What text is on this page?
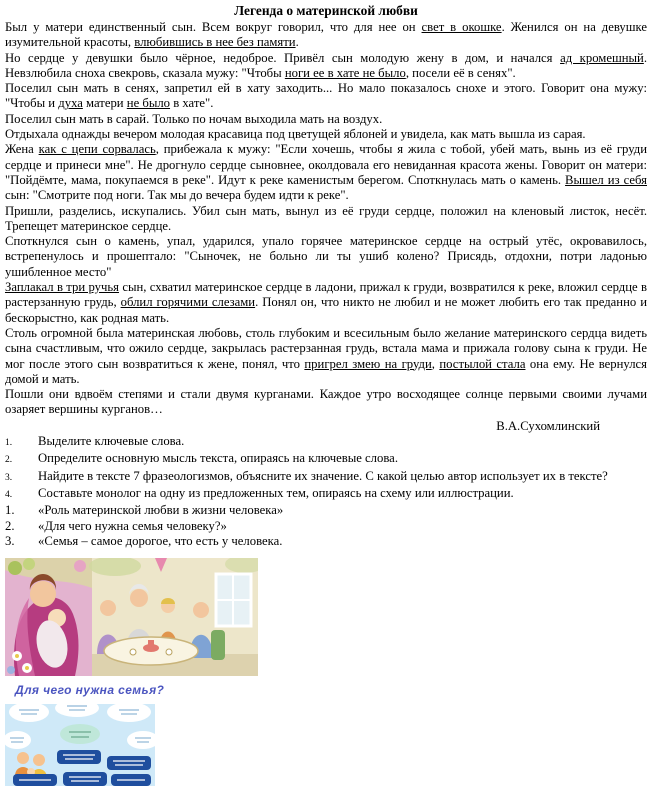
Легенда о материнской любви

Был у матери единственный сын. Всем вокруг говорил, что для нее он свет в окошке. Женился он на девушке изумительной красоты, влюбившись в нее без памяти.

Но сердце у девушки было чёрное, недоброе. Привёл сын молодую жену в дом, и начался ад кромешный. Невзлюбила сноха свекровь, сказала мужу: "Чтобы ноги ее в хате не было, посели её в сенях".

Поселил сын мать в сенях, запретил ей в хату заходить... Но мало показалось снохе и этого. Говорит она мужу: "Чтобы и духа матери не было в хате".

Поселил сын мать в сарай. Только по ночам выходила мать на воздух.

Отдыхала однажды вечером молодая красавица под цветущей яблоней и увидела, как мать вышла из сарая.

Жена как с цепи сорвалась, прибежала к мужу: "Если хочешь, чтобы я жила с тобой, убей мать, вынь из её груди сердце и принеси мне". Не дрогнуло сердце сыновнее, околдовала его невиданная красота жены. Говорит он матери: "Пойдёмте, мама, покупаемся в реке". Идут к реке каменистым берегом. Споткнулась мать о камень. Вышел из себя сын: "Смотрите под ноги. Так мы до вечера будем идти к реке".

Пришли, разделись, искупались. Убил сын мать, вынул из её груди сердце, положил на кленовый листок, несёт. Трепещет материнское сердце.

Споткнулся сын о камень, упал, ударился, упало горячее материнское сердце на острый утёс, окровавилось, встрепенулось и прошептало: "Сыночек, не больно ли ты ушиб колено? Присядь, отдохни, потри ладонью ушибленное место"

Заплакал в три ручья сын, схватил материнское сердце в ладони, прижал к груди, возвратился к реке, вложил сердце в растерзанную грудь, облил горячими слезами. Понял он, что никто не любил и не может любить его так преданно и бескорыстно, как родная мать.

Столь огромной была материнская любовь, столь глубоким и всесильным было желание материнского сердца видеть сына счастливым, что ожило сердце, закрылась растерзанная грудь, встала мама и прижала голову сына к груди. Не мог после этого сын возвратиться к жене, понял, что пригрел змею на груди, постылой стала она ему. Не вернулся домой и мать.

Пошли они вдвоём степями и стали двумя курганами. Каждое утро восходящее солнце первыми своими лучами озаряет вершины курганов…

В.А.Сухомлинский
1.	Выделите ключевые слова.
2.	Определите основную мысль текста, опираясь на ключевые слова.
3.	Найдите в тексте 7 фразеологизмов, объясните их значение. С какой целью автор использует их в тексте?
4.	Составьте монолог на одну из предложенных тем, опираясь на схему или иллюстрации.
1.	«Роль материнской любви в жизни человека»
2.	«Для чего нужна семья человеку?»
3.	«Семья – самое дорогое, что есть у человека.
Для чего нужна семья?
